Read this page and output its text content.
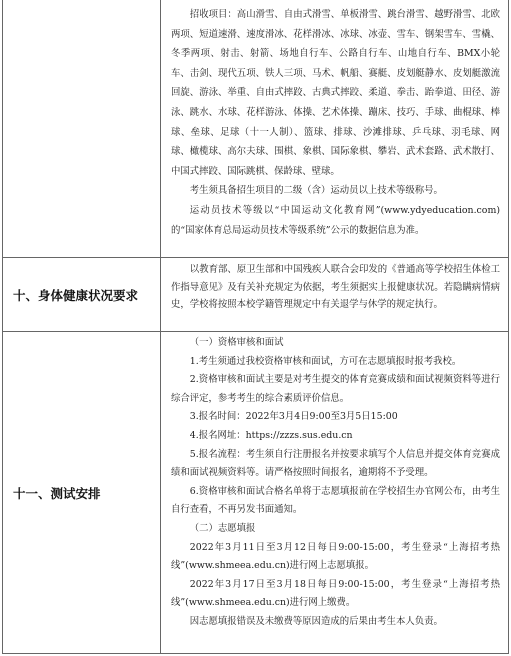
招收项目：高山滑雪、自由式滑雪、单板滑雪、跳台滑雪、越野滑雪、北欧两项、短道速滑、速度滑冰、花样滑冰、冰球、冰壶、雪车、钢架雪车、雪橇、冬季两项、射击、射箭、场地自行车、公路自行车、山地自行车、BMX小轮车、击剑、现代五项、铁人三项、马术、帆船、赛艇、皮划艇静水、皮划艇激流回旋、游泳、举重、自由式摔跤、古典式摔跤、柔道、拳击、跆拳道、田径、游泳、跳水、水球、花样游泳、体操、艺术体操、蹦床、技巧、手球、曲棍球、棒球、垒球、足球（十一人制）、篮球、排球、沙滩排球、乒乓球、羽毛球、网球、橄榄球、高尔夫球、围棋、象棋、国际象棋、攀岩、武术套路、武术散打、中国式摔跤、国际跳棋、保龄球、壁球。

考生须具备招生项目的二级（含）运动员以上技术等级称号。

运动员技术等级以“中国运动文化教育网”(www.ydyeducation.com)的“国家体育总局运动员技术等级系统”公示的数据信息为准。

十、身体健康状况要求

以教育部、原卫生部和中国残疾人联合会印发的《普通高等学校招生体检工作指导意见》及有关补充规定为依据，考生须据实上报健康状况。若隐瞒病情病史，学校将按照本校学籍管理规定中有关退学与休学的规定执行。

十一、测试安排

（一）资格审核和面试

1.考生须通过我校资格审核和面试，方可在志愿填报时报考我校。

2.资格审核和面试主要是对考生提交的体育竞赛成绩和面试视频资料等进行综合评定，参考考生的综合素质评价信息。

3.报名时间：2022年3月4日9:00至3月5日15:00

4.报名网址：https://zzzs.sus.edu.cn

5.报名流程：考生须自行注册报名并按要求填写个人信息并提交体育竞赛成绩和面试视频资料等。请严格按照时间报名，逾期将不予受理。

6.资格审核和面试合格名单将于志愿填报前在学校招生办官网公布，由考生自行查看，不再另发书面通知。

（二）志愿填报

2022年3月11日至3月12日每日9:00-15:00，考生登录“上海招考热线”(www.shmeea.edu.cn)进行网上志愿填报。

2022年3月17日至3月18日每日9:00-15:00，考生登录“上海招考热线”(www.shmeea.edu.cn)进行网上缴费。

因志愿填报错误及未缴费等原因造成的后果由考生本人负责。
